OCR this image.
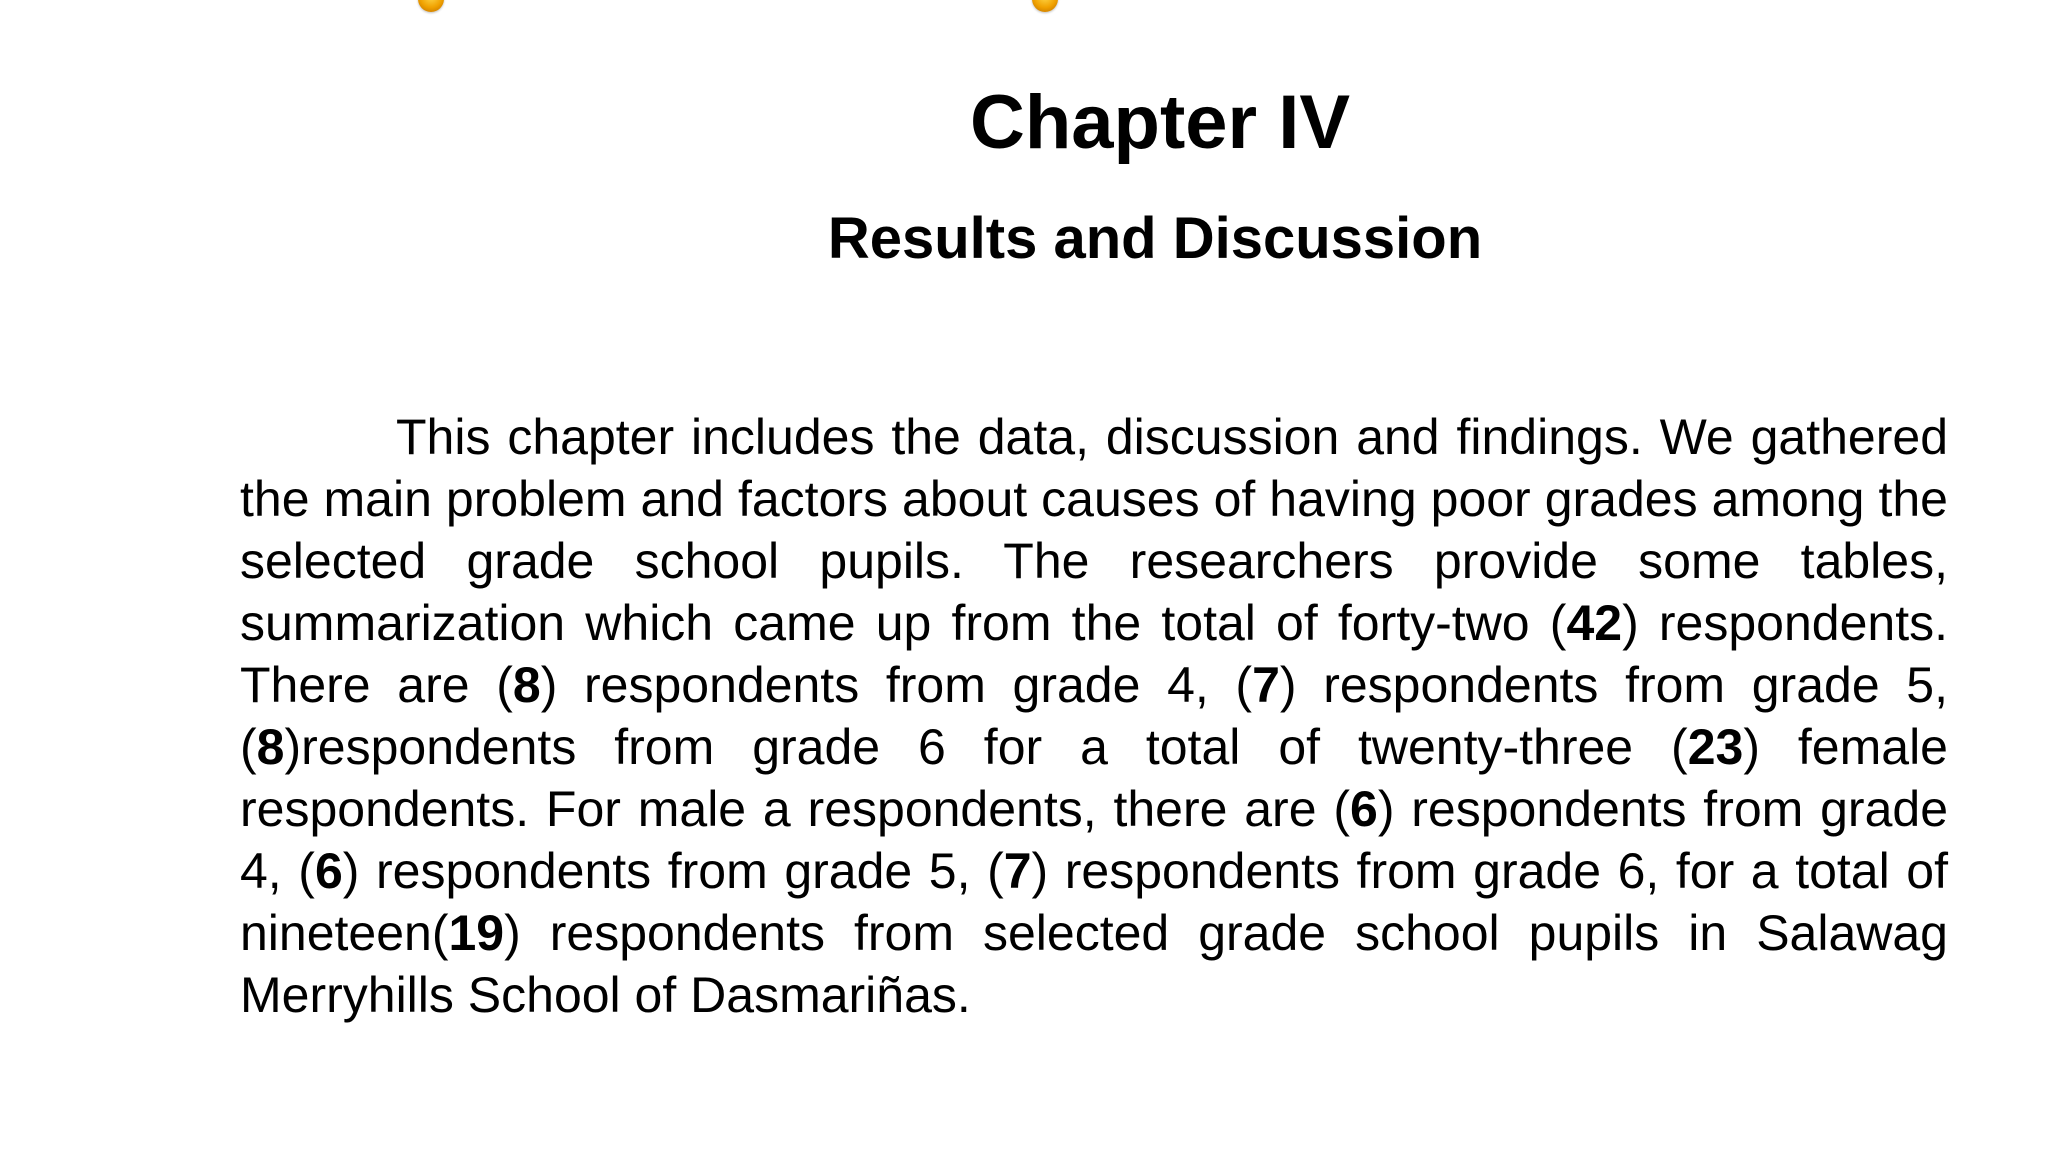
Chapter IV
Results and Discussion

This chapter includes the data, discussion and findings. We gathered the main problem and factors about causes of having poor grades among the selected grade school pupils. The researchers provide some tables, summarization which came up from the total of forty-two (42) respondents. There are (8) respondents from grade 4, (7) respondents from grade 5, (8)respondents from grade 6 for a total of twenty-three (23) female respondents. For male a respondents, there are (6) respondents from grade 4, (6) respondents from grade 5, (7) respondents from grade 6, for a total of nineteen(19) respondents from selected grade school pupils in Salawag Merryhills School of Dasmariñas.
